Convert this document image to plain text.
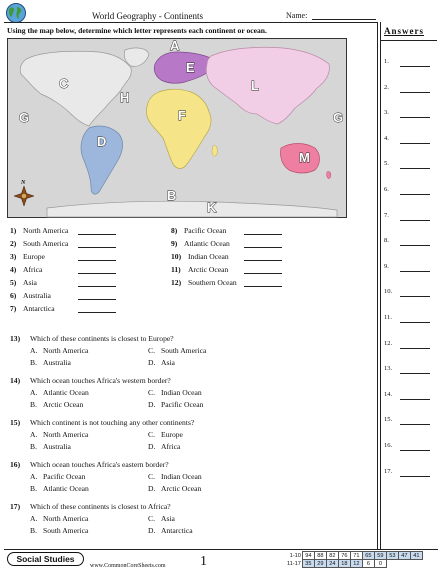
World Geography - Continents	Name:
Answers
1.
2.
3.
4.
5.
6.
7.
8.
9.
10.
11.
12.
13.
14.
15.
16.
17.
Using the map below, determine which letter represents each continent or ocean.
A
E
C	L
H
F
G	G
D
M
B
K
N
1) North America
2) South America
3) Europe
4) Africa
5) Asia
6) Australia
7) Antarctica
8) Pacific Ocean
9) Atlantic Ocean
10) Indian Ocean
11) Arctic Ocean
12) Southern Ocean
13) Which of these continents is closest to Europe?
A. North America	C. South America
B. Australia	D. Asia
14) Which ocean touches Africa's western border?
A. Atlantic Ocean	C. Indian Ocean
B. Arctic Ocean	D. Pacific Ocean
15) Which continent is not touching any other continents?
A. North America	C. Europe
B. Australia	D. Africa
16) Which ocean touches Africa's eastern border?
A. Pacific Ocean	C. Indian Ocean
B. Atlantic Ocean	D. Arctic Ocean
17) Which of these continents is closest to Africa?
A. North America	C. Asia
B. South America	D. Antarctica
Social Studies
www.CommonCoreSheets.com 1	1-10	94	88	82	76	71	65	59	53	47	41
11-17	35	29	24	18	12	6	0			
